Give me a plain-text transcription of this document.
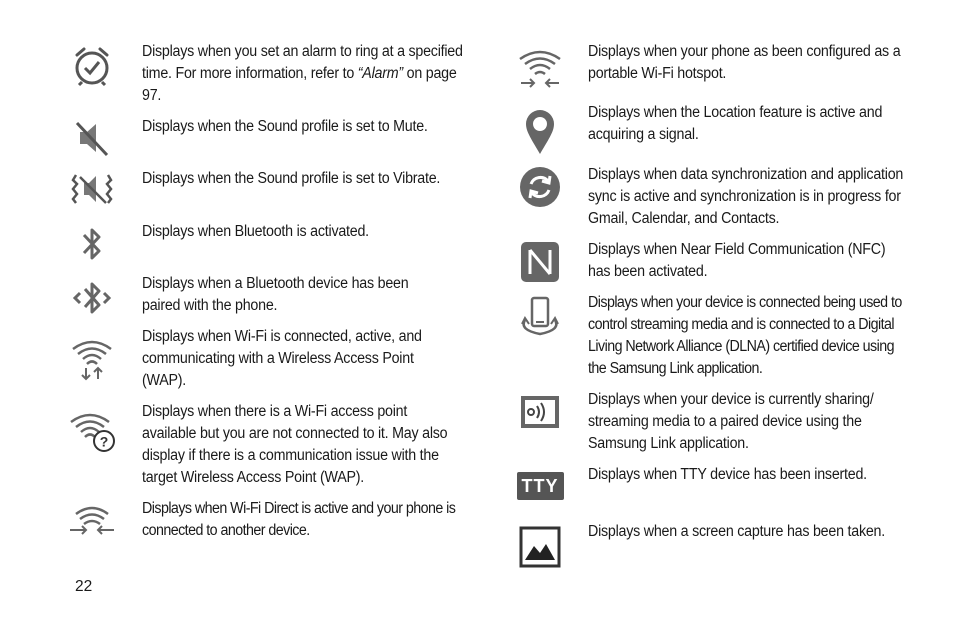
Displays when you set an alarm to ring at a specified time. For more information, refer to “Alarm” on page 97.
Displays when the Sound profile is set to Mute.
Displays when the Sound profile is set to Vibrate.
Displays when Bluetooth is activated.
Displays when a Bluetooth device has been paired with the phone.
Displays when Wi-Fi is connected, active, and communicating with a Wireless Access Point (WAP).
?
Displays when there is a Wi-Fi access point available but you are not connected to it. May also display if there is a communication issue with the target Wireless Access Point (WAP).
Displays when Wi-Fi Direct is active and your phone is connected to another device.
Displays when your phone as been configured as a portable Wi-Fi hotspot.
Displays when the Location feature is active and acquiring a signal.
Displays when data synchronization and application sync is active and synchronization is in progress for Gmail, Calendar, and Contacts.
Displays when Near Field Communication (NFC) has been activated.
Displays when your device is connected being used to control streaming media and is connected to a Digital Living Network Alliance (DLNA) certified device using the Samsung Link application.
Displays when your device is currently sharing/ streaming media to a paired device using the Samsung Link application.
TTY
Displays when TTY device has been inserted.
Displays when a screen capture has been taken.
22
